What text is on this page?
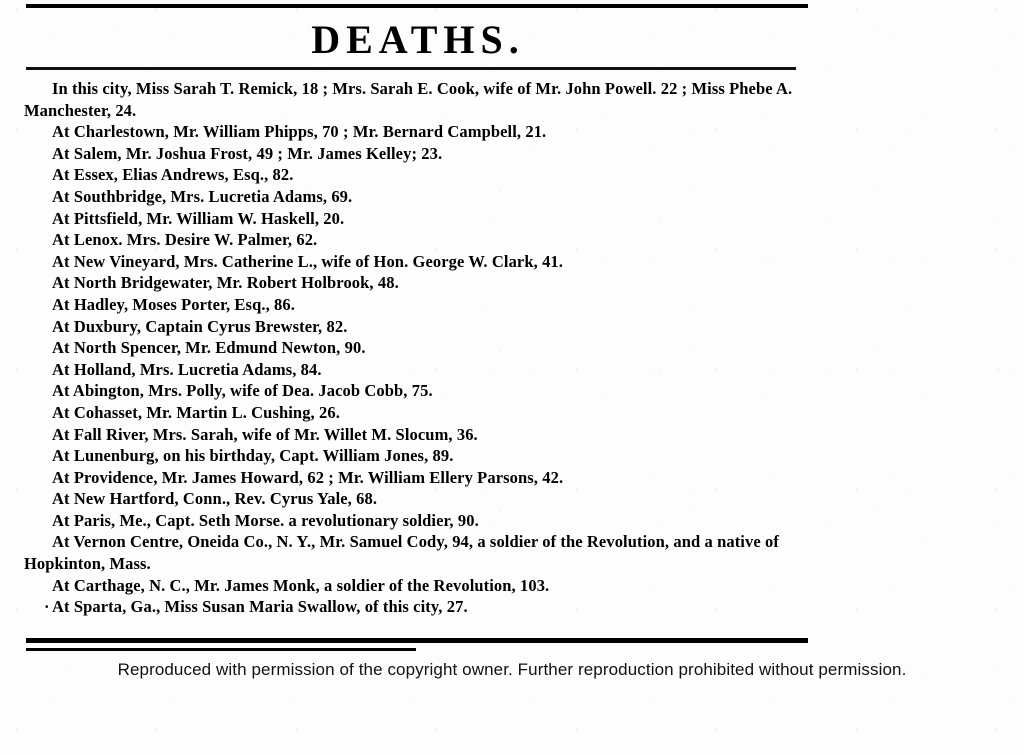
DEATHS.

In this city, Miss Sarah T. Remick, 18 ; Mrs. Sarah E. Cook, wife of Mr. John Powell. 22 ; Miss Phebe A. Manchester, 24.

At Charlestown, Mr. William Phipps, 70 ; Mr. Bernard Campbell, 21.

At Salem, Mr. Joshua Frost, 49 ; Mr. James Kelley; 23.

At Essex, Elias Andrews, Esq., 82.

At Southbridge, Mrs. Lucretia Adams, 69.

At Pittsfield, Mr. William W. Haskell, 20.

At Lenox. Mrs. Desire W. Palmer, 62.

At New Vineyard, Mrs. Catherine L., wife of Hon. George W. Clark, 41.

At North Bridgewater, Mr. Robert Holbrook, 48.

At Hadley, Moses Porter, Esq., 86.

At Duxbury, Captain Cyrus Brewster, 82.

At North Spencer, Mr. Edmund Newton, 90.

At Holland, Mrs. Lucretia Adams, 84.

At Abington, Mrs. Polly, wife of Dea. Jacob Cobb, 75.

At Cohasset, Mr. Martin L. Cushing, 26.

At Fall River, Mrs. Sarah, wife of Mr. Willet M. Slocum, 36.

At Lunenburg, on his birthday, Capt. William Jones, 89.

At Providence, Mr. James Howard, 62 ; Mr. William Ellery Parsons, 42.

At New Hartford, Conn., Rev. Cyrus Yale, 68.

At Paris, Me., Capt. Seth Morse. a revolutionary soldier, 90.

At Vernon Centre, Oneida Co., N. Y., Mr. Samuel Cody, 94, a soldier of the Revolution, and a native of Hopkinton, Mass.

At Carthage, N. C., Mr. James Monk, a soldier of the Revolution, 103.

· At Sparta, Ga., Miss Susan Maria Swallow, of this city, 27.

Reproduced with permission of the copyright owner. Further reproduction prohibited without permission.
